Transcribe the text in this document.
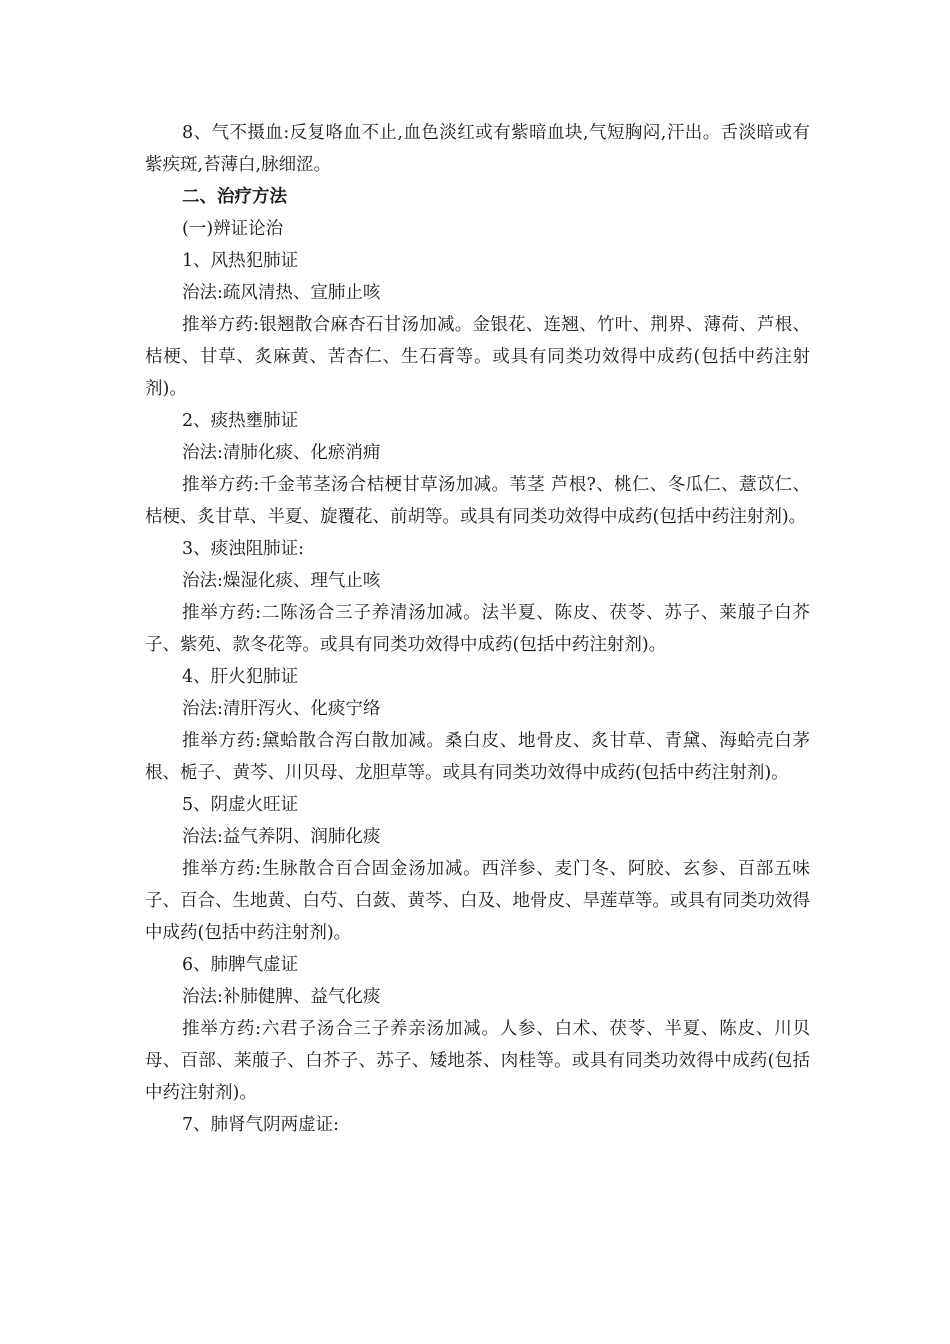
8、气不摄血:反复咯血不止,血色淡红或有紫暗血块,气短胸闷,汗出。舌淡暗或有紫疾斑,苔薄白,脉细涩。

二、治疗方法

(一)辨证论治

1、风热犯肺证

治法:疏风清热、宣肺止咳

推举方药:银翘散合麻杏石甘汤加减。金银花、连翘、竹叶、荆界、薄荷、芦根、桔梗、甘草、炙麻黄、苦杏仁、生石膏等。或具有同类功效得中成药(包括中药注射剂)。

2、痰热壅肺证

治法:清肺化痰、化瘀消痈

推举方药:千金苇茎汤合桔梗甘草汤加减。苇茎 芦根?、桃仁、冬瓜仁、薏苡仁、桔梗、炙甘草、半夏、旋覆花、前胡等。或具有同类功效得中成药(包括中药注射剂)。

3、痰浊阻肺证:

治法:燥湿化痰、理气止咳

推举方药:二陈汤合三子养清汤加减。法半夏、陈皮、茯苓、苏子、莱菔子白芥子、紫苑、款冬花等。或具有同类功效得中成药(包括中药注射剂)。

4、肝火犯肺证

治法:清肝泻火、化痰宁络

推举方药:黛蛤散合泻白散加减。桑白皮、地骨皮、炙甘草、青黛、海蛤壳白茅根、栀子、黄芩、川贝母、龙胆草等。或具有同类功效得中成药(包括中药注射剂)。

5、阴虚火旺证

治法:益气养阴、润肺化痰

推举方药:生脉散合百合固金汤加减。西洋参、麦门冬、阿胶、玄参、百部五味子、百合、生地黄、白芍、白蔹、黄芩、白及、地骨皮、旱莲草等。或具有同类功效得中成药(包括中药注射剂)。

6、肺脾气虚证

治法:补肺健脾、益气化痰

推举方药:六君子汤合三子养亲汤加减。人参、白术、茯苓、半夏、陈皮、川贝母、百部、莱菔子、白芥子、苏子、矮地茶、肉桂等。或具有同类功效得中成药(包括中药注射剂)。

7、肺肾气阴两虚证:
